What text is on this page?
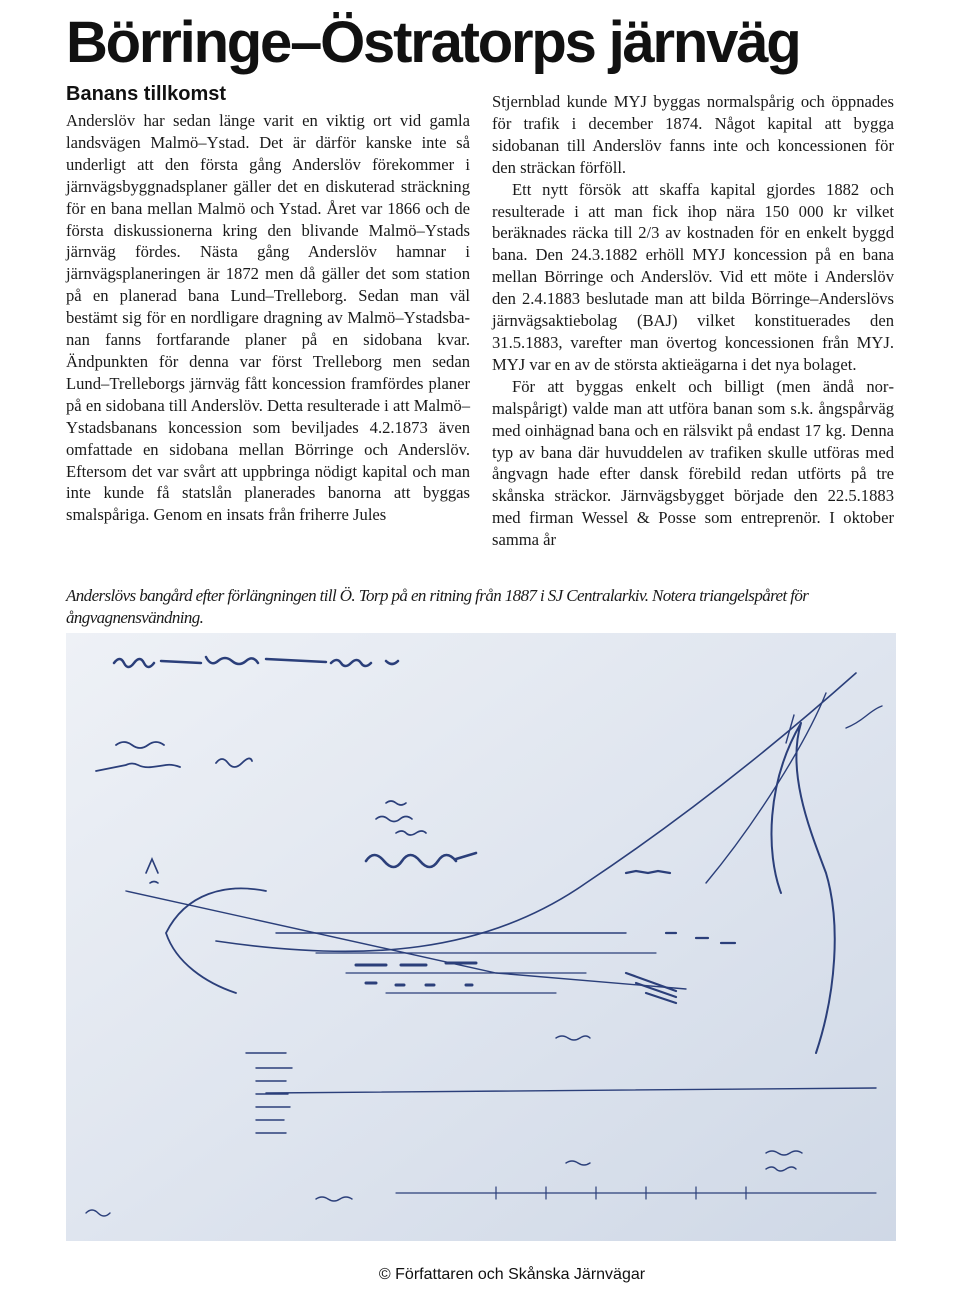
Börringe–Östratorps järnväg
Banans tillkomst

Anderslöv har sedan länge varit en viktig ort vid gamla landsvägen Malmö–Ystad. Det är därför kanske inte så underligt att den första gång Anderslöv förekommer i järnvägsbyggnadsplaner gäller det en diskuterad sträckning för en bana mellan Malmö och Ystad. Året var 1866 och de första diskussionerna kring den blivande Malmö–Ystads järnväg fördes. Nästa gång Anderslöv hamnar i järnvägsplaneringen är 1872 men då gäller det som station på en planerad bana Lund–Trelleborg. Sedan man väl bestämt sig för en nordligare dragning av Malmö–Ystadsbanan fanns fortfarande planer på en sidobana kvar. Ändpunkten för denna var först Trelleborg men sedan Lund–Trelleborgs järnväg fått koncession framfördes planer på en sidobana till Anderslöv. Detta resulterade i att Malmö–Ystadsbanans koncession som beviljades 4.2.1873 även omfattade en sidobana mellan Börringe och Anderslöv. Eftersom det var svårt att uppbringa nödigt kapital och man inte kunde få statslån planerades banorna att byggas smalspåriga. Genom en insats från friherre Jules

Stjernblad kunde MYJ byggas normalspårig och öppnades för trafik i december 1874. Något kapital att bygga sidobanan till Anderslöv fanns inte och koncessionen för den sträckan förföll.

Ett nytt försök att skaffa kapital gjordes 1882 och resulterade i att man fick ihop nära 150 000 kr vilket beräknades räcka till 2/3 av kostnaden för en enkelt byggd bana. Den 24.3.1882 erhöll MYJ koncession på en bana mellan Börringe och Anderslöv. Vid ett möte i Anderslöv den 2.4.1883 beslutade man att bilda Börringe–Anderslövs järnvägsaktiebolag (BAJ) vilket konstituerades den 31.5.1883, varefter man övertog koncessionen från MYJ. MYJ var en av de största aktieägarna i det nya bolaget.

För att byggas enkelt och billigt (men ändå normalspårigt) valde man att utföra banan som s.k. ångspårväg med oinhägnad bana och en rälsvikt på endast 17 kg. Denna typ av bana där huvuddelen av trafiken skulle utföras med ångvagn hade efter dansk förebild redan utförts på tre skånska sträckor. Järnvägsbygget började den 22.5.1883 med firman Wessel & Posse som entreprenör. I oktober samma år

Anderslövs bangård efter förlängningen till Ö. Torp på en ritning från 1887 i SJ Centralarkiv. Notera triangelspåret för ångvagnensvändning.

© Författaren och Skånska Järnvägar
